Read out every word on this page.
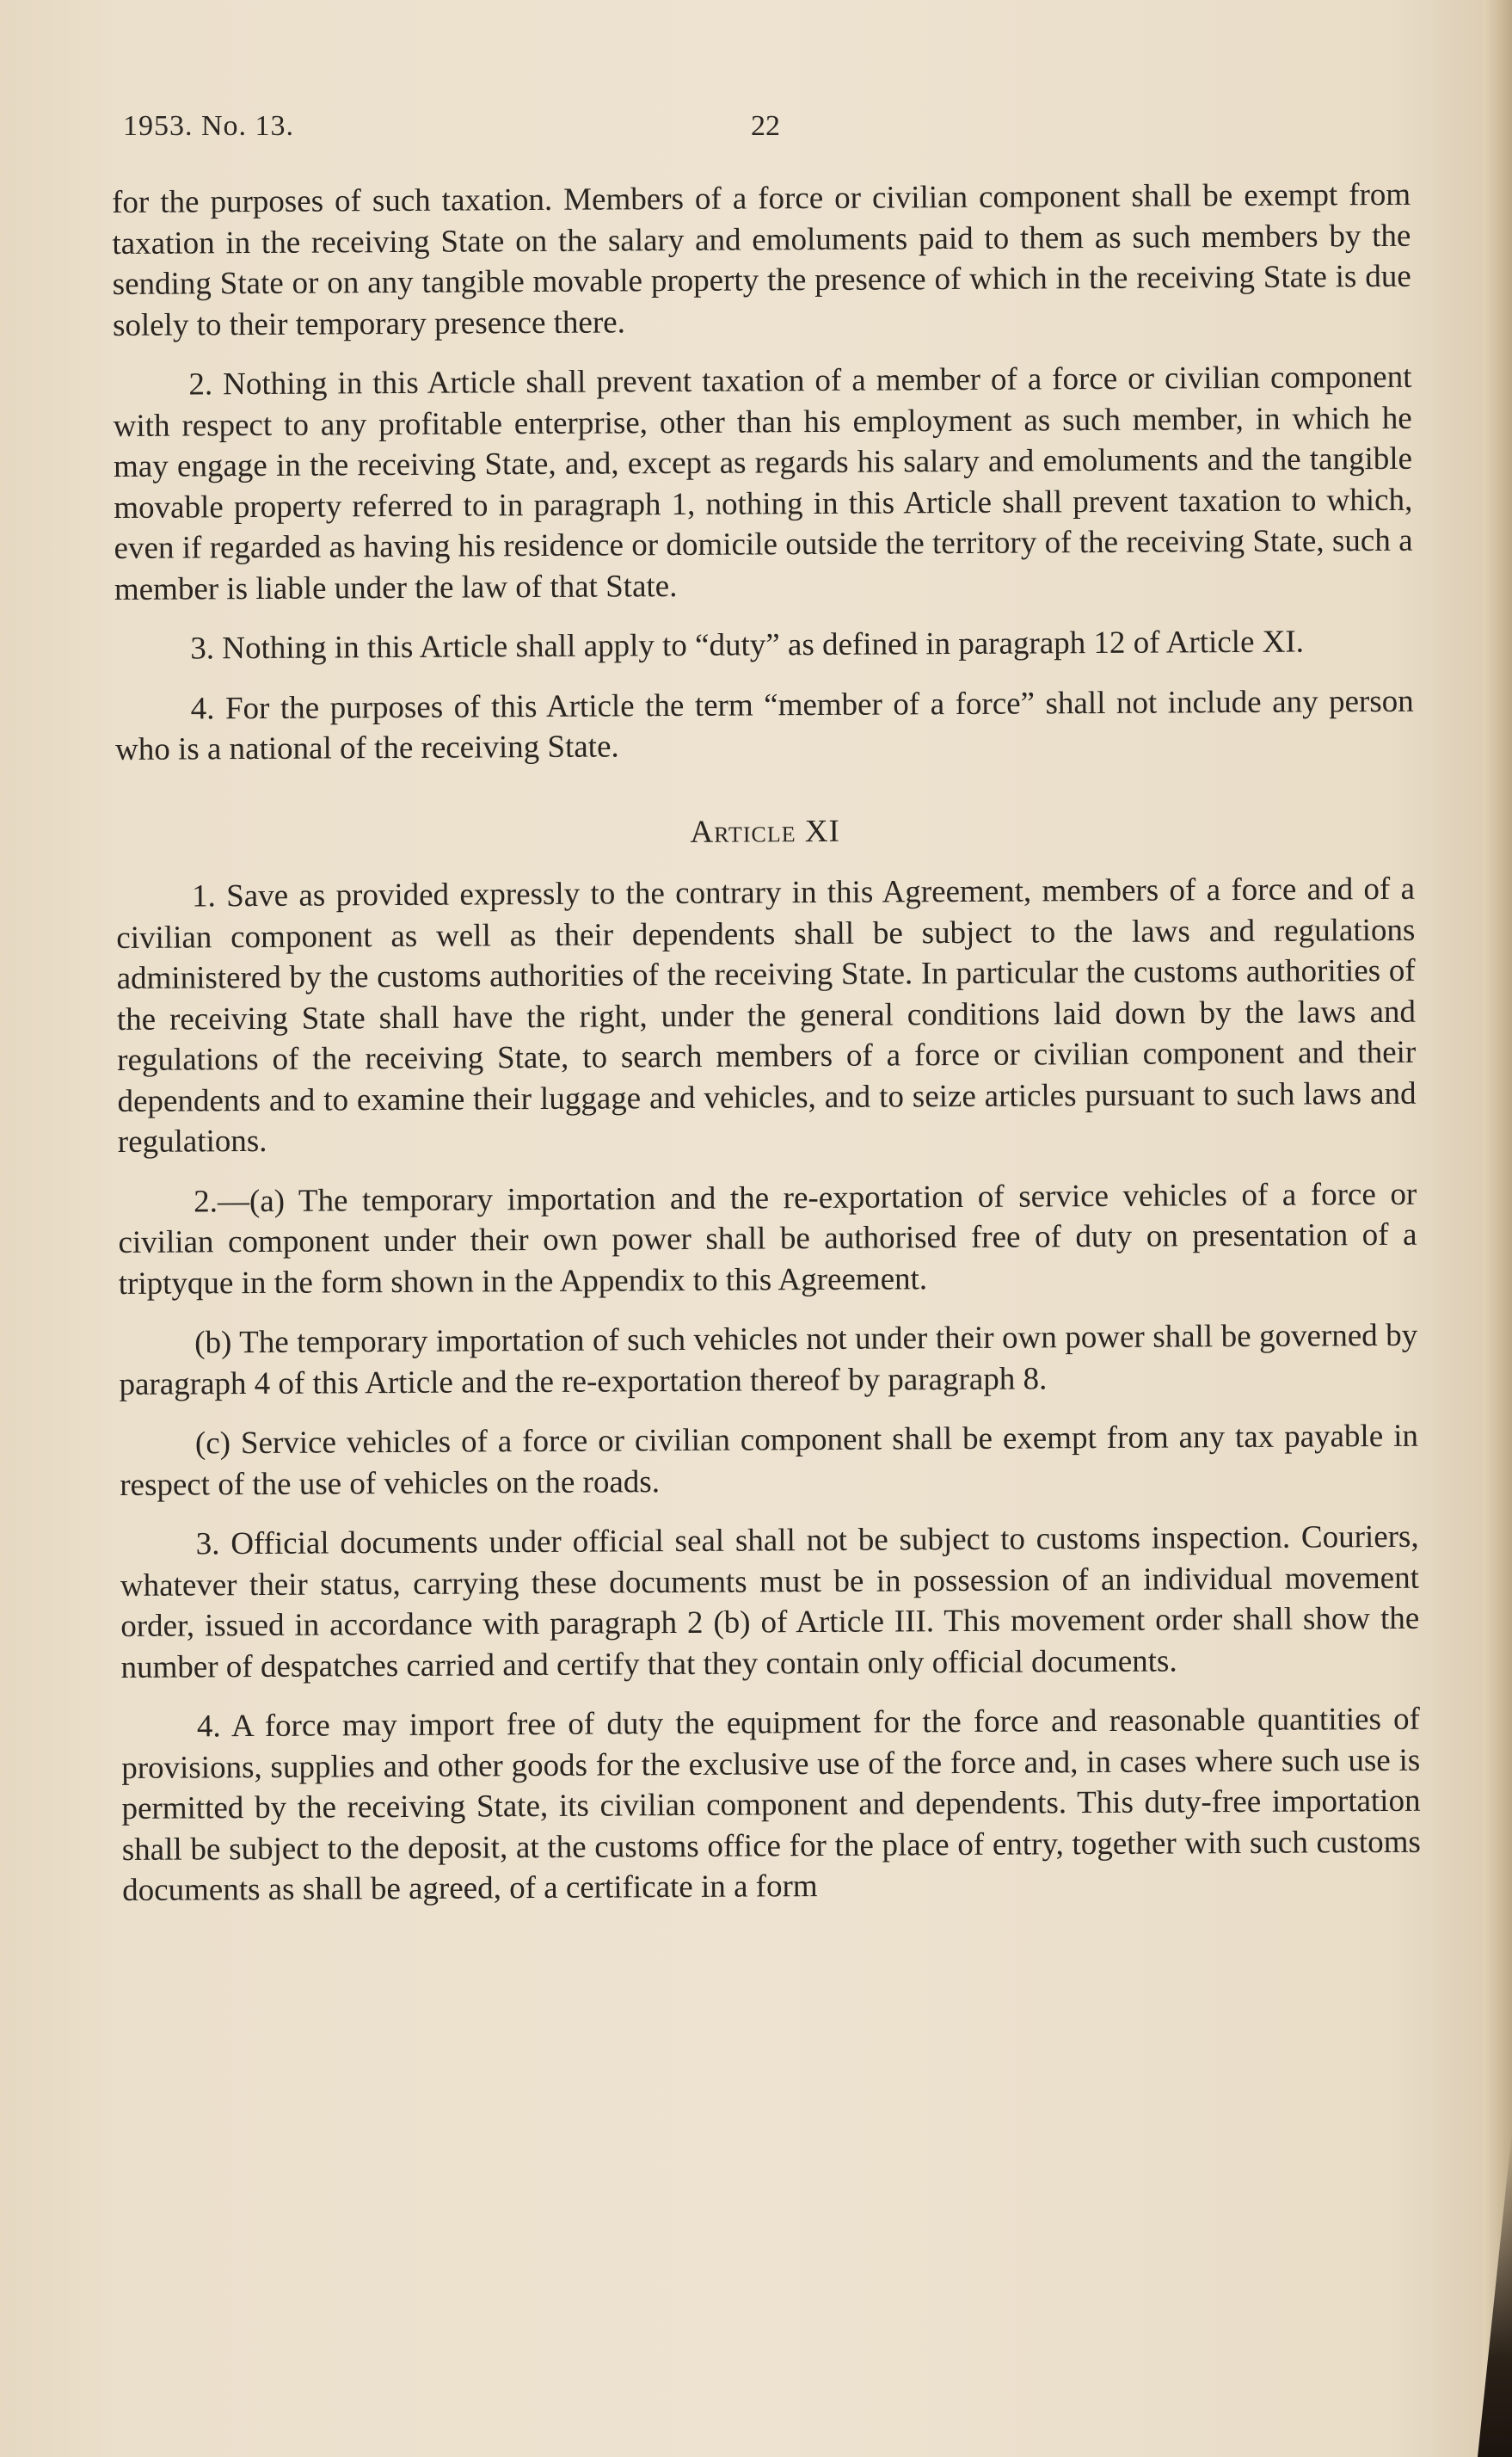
1953. No. 13.	22

for the purposes of such taxation. Members of a force or civilian component shall be exempt from taxation in the receiving State on the salary and emoluments paid to them as such members by the sending State or on any tangible movable property the presence of which in the receiving State is due solely to their temporary presence there.

2. Nothing in this Article shall prevent taxation of a member of a force or civilian component with respect to any profitable enterprise, other than his employment as such member, in which he may engage in the receiving State, and, except as regards his salary and emoluments and the tangible movable property referred to in paragraph 1, nothing in this Article shall prevent taxation to which, even if regarded as having his residence or domicile outside the territory of the receiving State, such a member is liable under the law of that State.

3. Nothing in this Article shall apply to “duty” as defined in paragraph 12 of Article XI.

4. For the purposes of this Article the term “member of a force” shall not include any person who is a national of the receiving State.

Article XI

1. Save as provided expressly to the contrary in this Agreement, members of a force and of a civilian component as well as their dependents shall be subject to the laws and regulations administered by the customs authorities of the receiving State. In particular the customs authorities of the receiving State shall have the right, under the general conditions laid down by the laws and regulations of the receiving State, to search members of a force or civilian component and their dependents and to examine their luggage and vehicles, and to seize articles pursuant to such laws and regulations.

2.—(a) The temporary importation and the re-exportation of service vehicles of a force or civilian component under their own power shall be authorised free of duty on presentation of a triptyque in the form shown in the Appendix to this Agreement.

(b) The temporary importation of such vehicles not under their own power shall be governed by paragraph 4 of this Article and the re-exportation thereof by paragraph 8.

(c) Service vehicles of a force or civilian component shall be exempt from any tax payable in respect of the use of vehicles on the roads.

3. Official documents under official seal shall not be subject to customs inspection. Couriers, whatever their status, carrying these documents must be in possession of an individual movement order, issued in accordance with paragraph 2 (b) of Article III. This movement order shall show the number of despatches carried and certify that they contain only official documents.

4. A force may import free of duty the equipment for the force and reasonable quantities of provisions, supplies and other goods for the exclusive use of the force and, in cases where such use is permitted by the receiving State, its civilian component and dependents. This duty-free importation shall be subject to the deposit, at the customs office for the place of entry, together with such customs documents as shall be agreed, of a certificate in a form
